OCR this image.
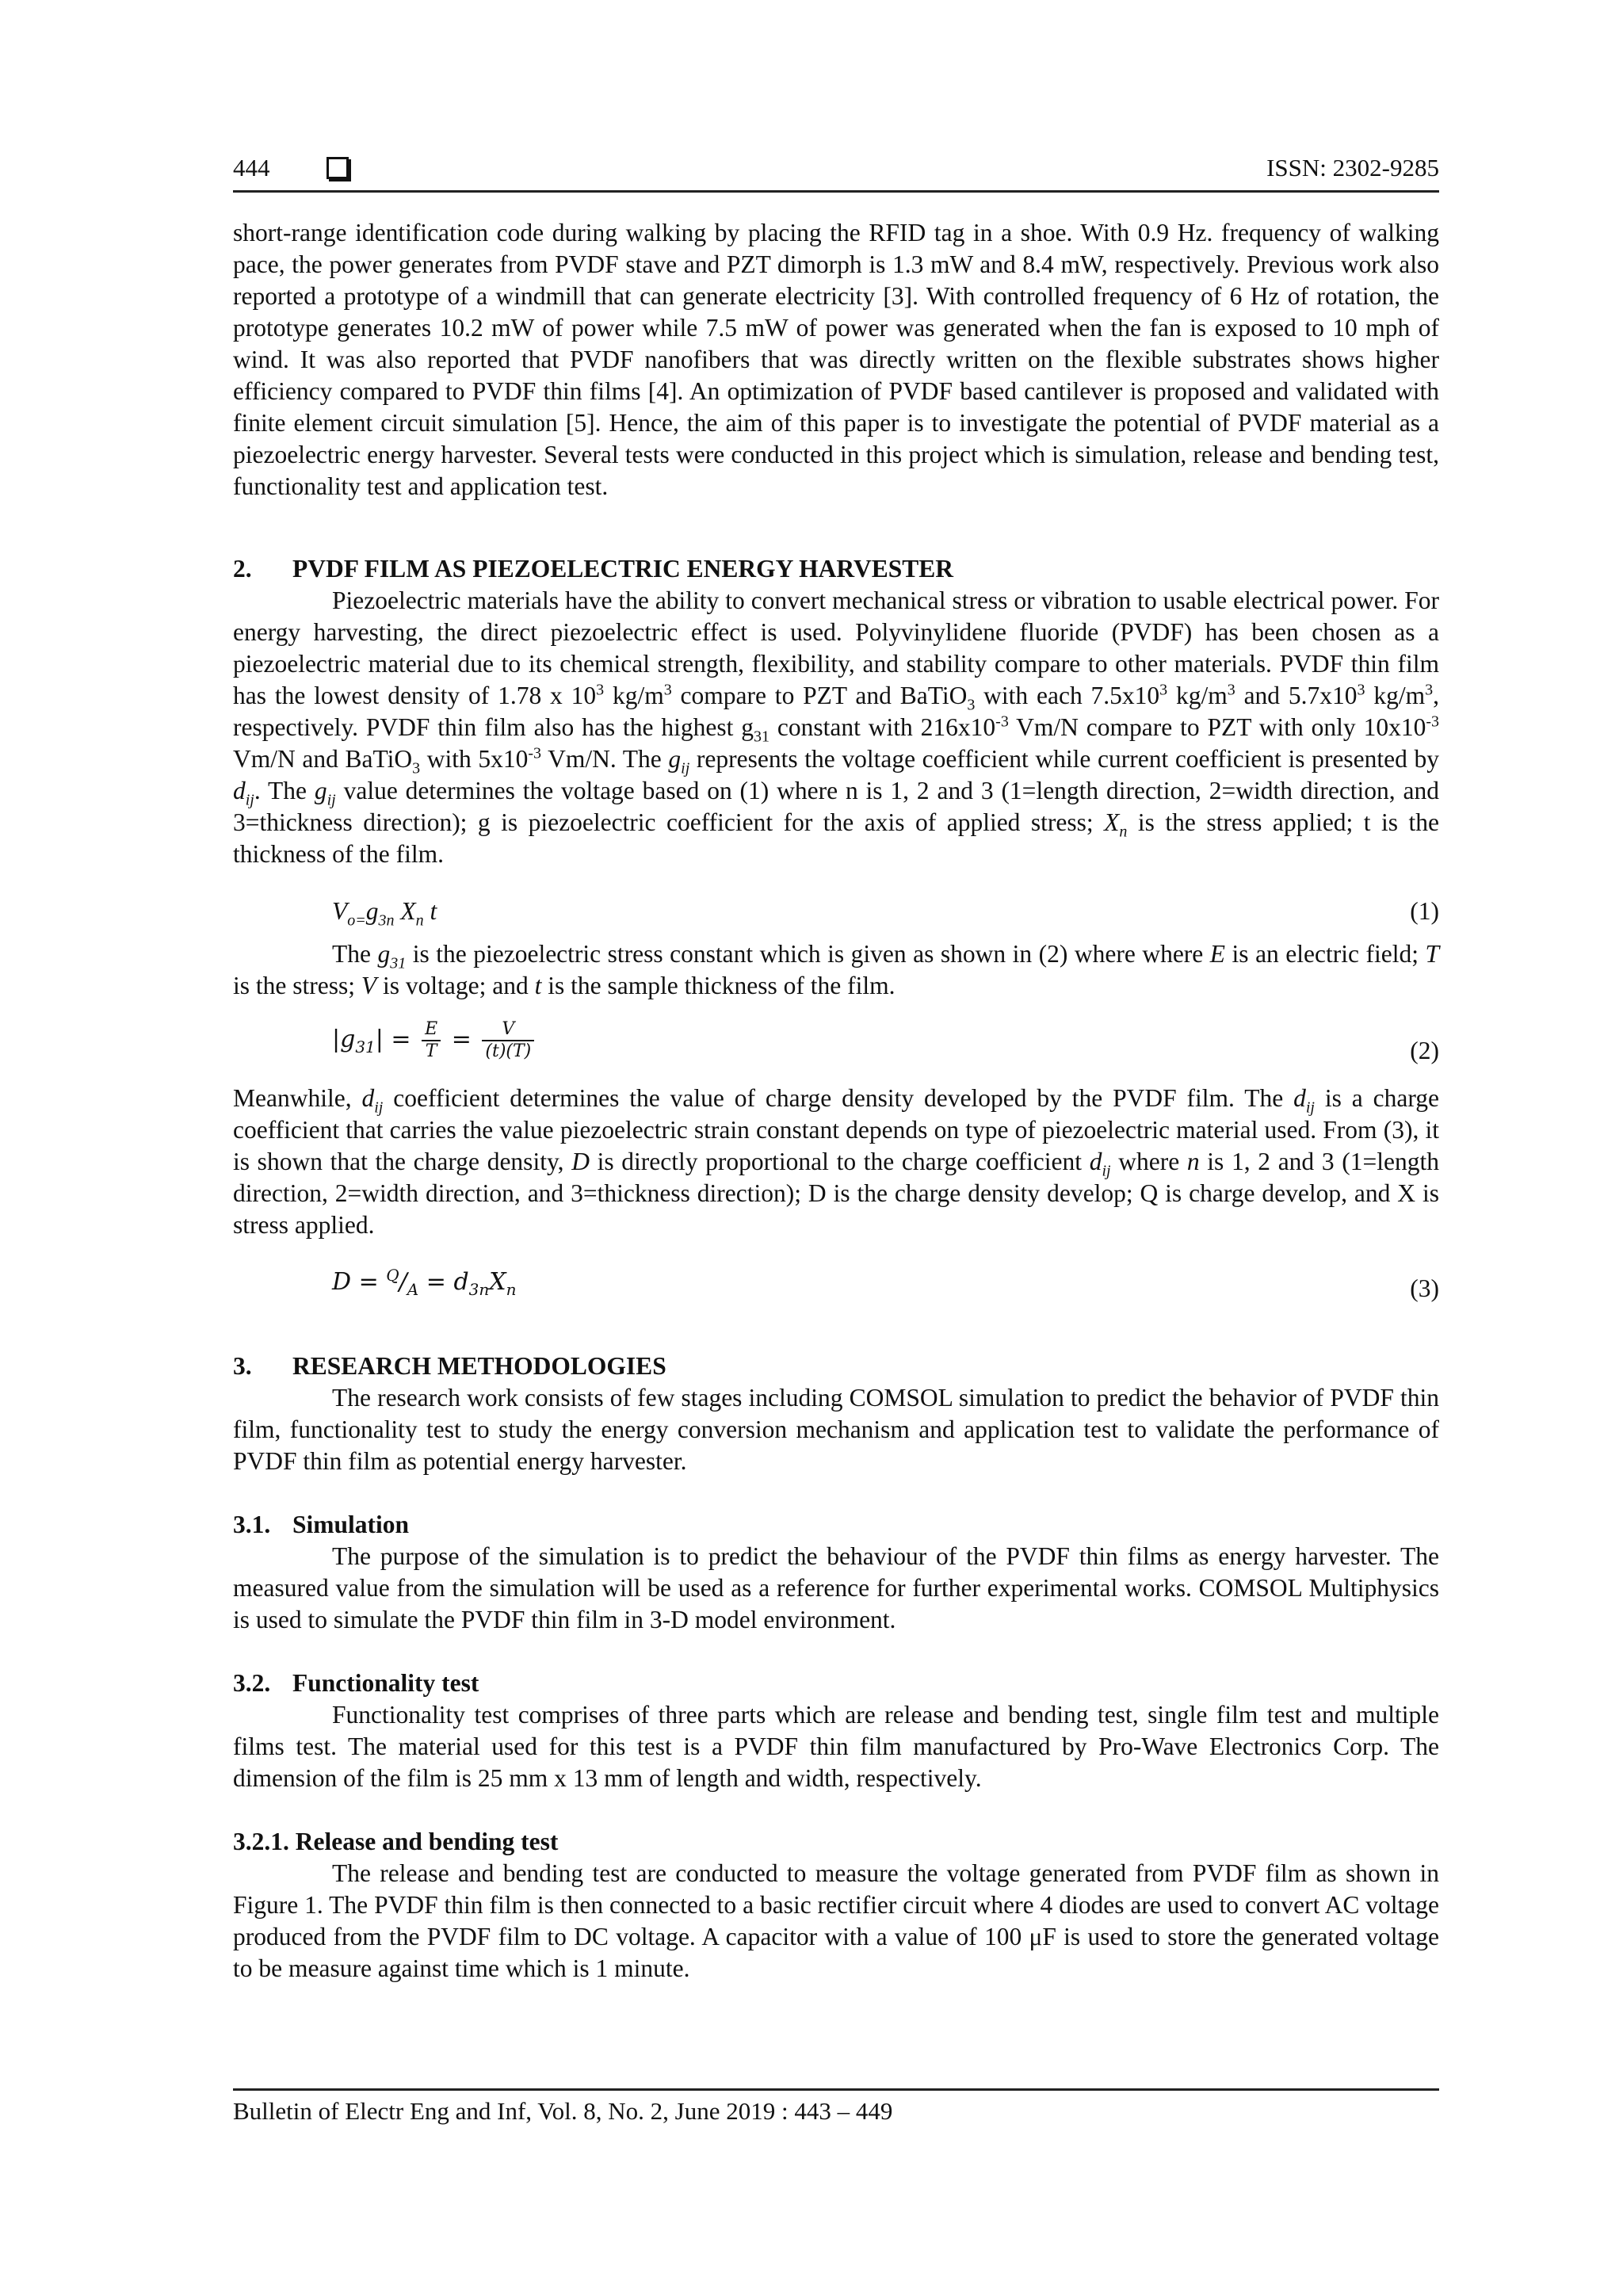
444	ISSN: 2302-9285

short-range identification code during walking by placing the RFID tag in a shoe. With 0.9 Hz. frequency of walking pace, the power generates from PVDF stave and PZT dimorph is 1.3 mW and 8.4 mW, respectively. Previous work also reported a prototype of a windmill that can generate electricity [3]. With controlled frequency of 6 Hz of rotation, the prototype generates 10.2 mW of power while 7.5 mW of power was generated when the fan is exposed to 10 mph of wind. It was also reported that PVDF nanofibers that was directly written on the flexible substrates shows higher efficiency compared to PVDF thin films [4]. An optimization of PVDF based cantilever is proposed and validated with finite element circuit simulation [5]. Hence, the aim of this paper is to investigate the potential of PVDF material as a piezoelectric energy harvester. Several tests were conducted in this project which is simulation, release and bending test, functionality test and application test.

2. PVDF FILM AS PIEZOELECTRIC ENERGY HARVESTER

Piezoelectric materials have the ability to convert mechanical stress or vibration to usable electrical power. For energy harvesting, the direct piezoelectric effect is used. Polyvinylidene fluoride (PVDF) has been chosen as a piezoelectric material due to its chemical strength, flexibility, and stability compare to other materials. PVDF thin film has the lowest density of 1.78 x $10^3$ $kg/m^3$ compare to PZT and BaTiO$_3$ with each $7.5x10^3$ $kg/m^3$ and $5.7x10^3$ $kg/m^3$, respectively. PVDF thin film also has the highest $g_{31}$ constant with $216x10^{-3}$ Vm/N compare to PZT with only $10x10^{-3}$ Vm/N and BaTiO$_3$ with $5x10^{-3}$ Vm/N. The $g_{ij}$ represents the voltage coefficient while current coefficient is presented by $d_{ij}$. The $g_{ij}$ value determines the voltage based on (1) where n is 1, 2 and 3 (1=length direction, 2=width direction, and 3=thickness direction); g is piezoelectric coefficient for the axis of applied stress; $X_n$ is the stress applied; t is the thickness of the film.

$V_{o=}g_{3n}$ $X_n$ t	(1)

The $g_{31}$ is the piezoelectric stress constant which is given as shown in (2) where where E is an electric field; T is the stress; V is voltage; and t is the sample thickness of the film.

$|g_{31}| = \frac{E}{T} = \frac{V}{(t)(T)}$	(2)

Meanwhile, $d_{ij}$ coefficient determines the value of charge density developed by the PVDF film. The $d_{ij}$ is a charge coefficient that carries the value piezoelectric strain constant depends on type of piezoelectric material used. From (3), it is shown that the charge density, D is directly proportional to the charge coefficient $d_{ij}$ where n is 1, 2 and 3 (1=length direction, 2=width direction, and 3=thickness direction); D is the charge density develop; Q is charge develop, and X is stress applied.

$D = ^Q/_A = d_{3n}X_n$	(3)
3. RESEARCH METHODOLOGIES

The research work consists of few stages including COMSOL simulation to predict the behavior of PVDF thin film, functionality test to study the energy conversion mechanism and application test to validate the performance of PVDF thin film as potential energy harvester.

3.1. Simulation

The purpose of the simulation is to predict the behaviour of the PVDF thin films as energy harvester. The measured value from the simulation will be used as a reference for further experimental works. COMSOL Multiphysics is used to simulate the PVDF thin film in 3-D model environment.

3.2. Functionality test

Functionality test comprises of three parts which are release and bending test, single film test and multiple films test. The material used for this test is a PVDF thin film manufactured by Pro-Wave Electronics Corp. The dimension of the film is 25 mm x 13 mm of length and width, respectively.

3.2.1. Release and bending test

The release and bending test are conducted to measure the voltage generated from PVDF film as shown in Figure 1. The PVDF thin film is then connected to a basic rectifier circuit where 4 diodes are used to convert AC voltage produced from the PVDF film to DC voltage. A capacitor with a value of 100 μF is used to store the generated voltage to be measure against time which is 1 minute.

Bulletin of Electr Eng and Inf, Vol. 8, No. 2, June 2019 : 443 – 449
